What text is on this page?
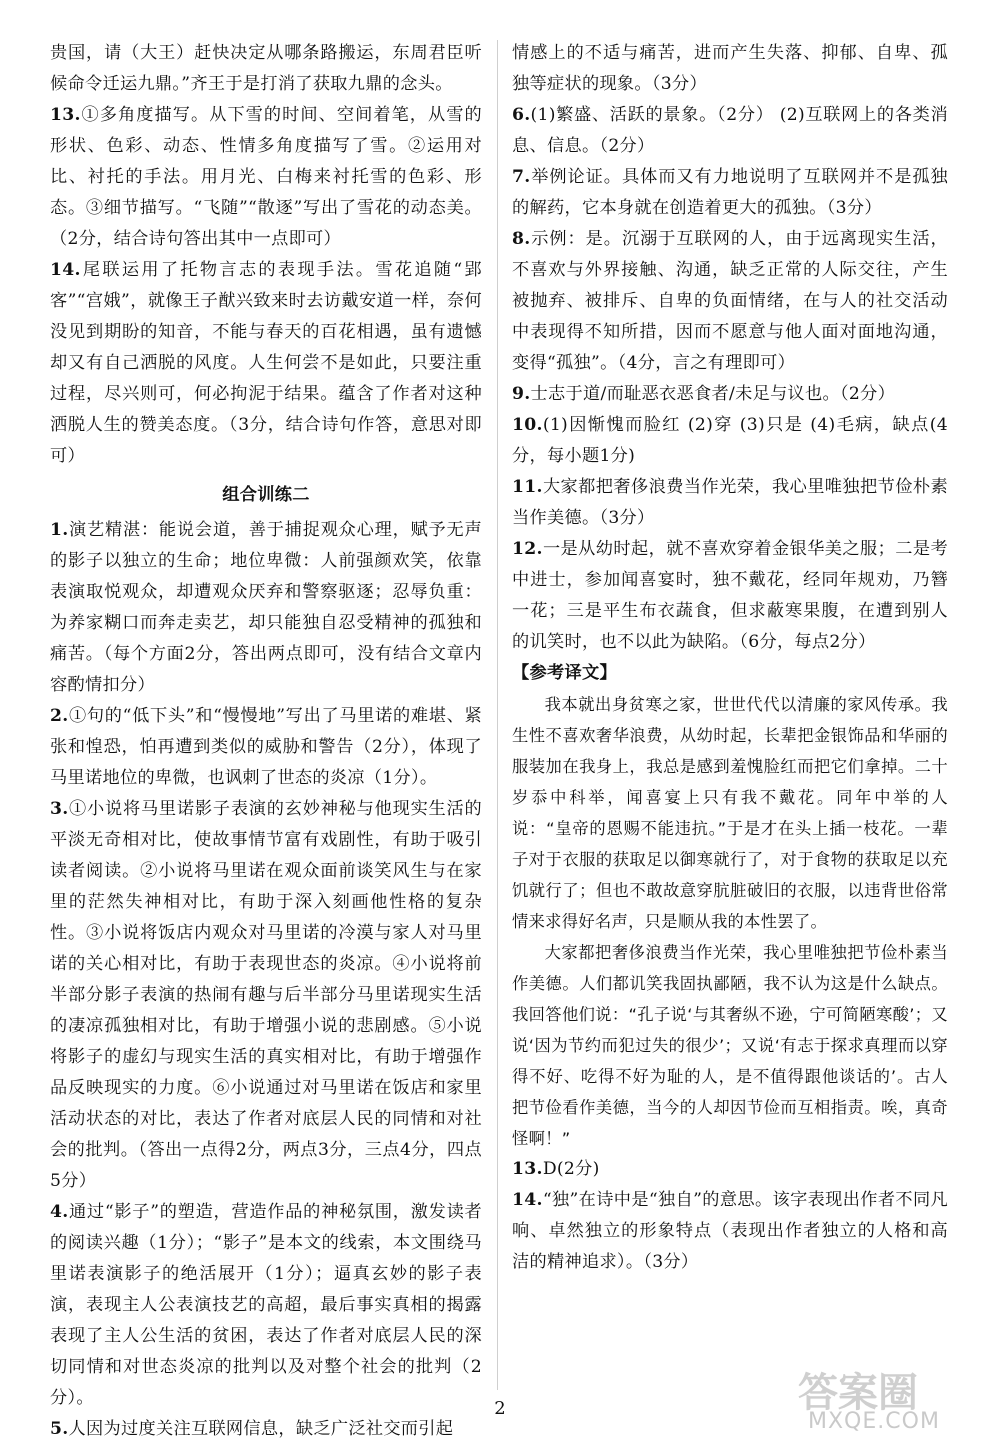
贵国，请（大王）赶快决定从哪条路搬运，东周君臣听候命令迁运九鼎。”齐王于是打消了获取九鼎的念头。

13.①多角度描写。从下雪的时间、空间着笔，从雪的形状、色彩、动态、性情多角度描写了雪。②运用对比、衬托的手法。用月光、白梅来衬托雪的色彩、形态。③细节描写。“飞随”“散逐”写出了雪花的动态美。（2分，结合诗句答出其中一点即可）

14.尾联运用了托物言志的表现手法。雪花追随“郢客”“宫娥”，就像王子猷兴致来时去访戴安道一样，奈何没见到期盼的知音，不能与春天的百花相遇，虽有遗憾却又有自己洒脱的风度。人生何尝不是如此，只要注重过程，尽兴则可，何必拘泥于结果。蕴含了作者对这种洒脱人生的赞美态度。（3分，结合诗句作答，意思对即可）

组合训练二

1.演艺精湛：能说会道，善于捕捉观众心理，赋予无声的影子以独立的生命；地位卑微：人前强颜欢笑，依靠表演取悦观众，却遭观众厌弃和警察驱逐；忍辱负重：为养家糊口而奔走卖艺，却只能独自忍受精神的孤独和痛苦。（每个方面2分，答出两点即可，没有结合文章内容酌情扣分）

2.①句的“低下头”和“慢慢地”写出了马里诺的难堪、紧张和惶恐，怕再遭到类似的威胁和警告（2分），体现了马里诺地位的卑微，也讽刺了世态的炎凉（1分）。

3.①小说将马里诺影子表演的玄妙神秘与他现实生活的平淡无奇相对比，使故事情节富有戏剧性，有助于吸引读者阅读。②小说将马里诺在观众面前谈笑风生与在家里的茫然失神相对比，有助于深入刻画他性格的复杂性。③小说将饭店内观众对马里诺的冷漠与家人对马里诺的关心相对比，有助于表现世态的炎凉。④小说将前半部分影子表演的热闹有趣与后半部分马里诺现实生活的凄凉孤独相对比，有助于增强小说的悲剧感。⑤小说将影子的虚幻与现实生活的真实相对比，有助于增强作品反映现实的力度。⑥小说通过对马里诺在饭店和家里活动状态的对比，表达了作者对底层人民的同情和对社会的批判。（答出一点得2分，两点3分，三点4分，四点5分）

4.通过“影子”的塑造，营造作品的神秘氛围，激发读者的阅读兴趣（1分）；“影子”是本文的线索，本文围绕马里诺表演影子的绝活展开（1分）；逼真玄妙的影子表演，表现主人公表演技艺的高超，最后事实真相的揭露表现了主人公生活的贫困，表达了作者对底层人民的深切同情和对世态炎凉的批判以及对整个社会的批判（2分）。

5.人因为过度关注互联网信息，缺乏广泛社交而引起

情感上的不适与痛苦，进而产生失落、抑郁、自卑、孤独等症状的现象。（3分）

6.(1)繁盛、活跃的景象。（2分） (2)互联网上的各类消息、信息。（2分）

7.举例论证。具体而又有力地说明了互联网并不是孤独的解药，它本身就在创造着更大的孤独。（3分）

8.示例：是。沉溺于互联网的人，由于远离现实生活，不喜欢与外界接触、沟通，缺乏正常的人际交往，产生被抛弃、被排斥、自卑的负面情绪，在与人的社交活动中表现得不知所措，因而不愿意与他人面对面地沟通，变得“孤独”。（4分，言之有理即可）

9.士志于道/而耻恶衣恶食者/未足与议也。（2分）

10.(1)因惭愧而脸红 (2)穿 (3)只是 (4)毛病，缺点(4分，每小题1分)

11.大家都把奢侈浪费当作光荣，我心里唯独把节俭朴素当作美德。（3分）

12.一是从幼时起，就不喜欢穿着金银华美之服；二是考中进士，参加闻喜宴时，独不戴花，经同年规劝，乃簪一花；三是平生布衣蔬食，但求蔽寒果腹，在遭到别人的讥笑时，也不以此为缺陷。（6分，每点2分）

【参考译文】

我本就出身贫寒之家，世世代代以清廉的家风传承。我生性不喜欢奢华浪费，从幼时起，长辈把金银饰品和华丽的服装加在我身上，我总是感到羞愧脸红而把它们拿掉。二十岁忝中科举，闻喜宴上只有我不戴花。同年中举的人说：“皇帝的恩赐不能违抗。”于是才在头上插一枝花。一辈子对于衣服的获取足以御寒就行了，对于食物的获取足以充饥就行了；但也不敢故意穿肮脏破旧的衣服，以违背世俗常情来求得好名声，只是顺从我的本性罢了。

大家都把奢侈浪费当作光荣，我心里唯独把节俭朴素当作美德。人们都讥笑我固执鄙陋，我不认为这是什么缺点。我回答他们说：“孔子说‘与其奢纵不逊，宁可简陋寒酸’；又说‘因为节约而犯过失的很少’；又说‘有志于探求真理而以穿得不好、吃得不好为耻的人，是不值得跟他谈话的’。古人把节俭看作美德，当今的人却因节俭而互相指责。唉，真奇怪啊！”

13.D(2分)

14.“独”在诗中是“独自”的意思。该字表现出作者不同凡响、卓然独立的形象特点（表现出作者独立的人格和高洁的精神追求）。（3分）

2	答案圈
MXQE.COM
